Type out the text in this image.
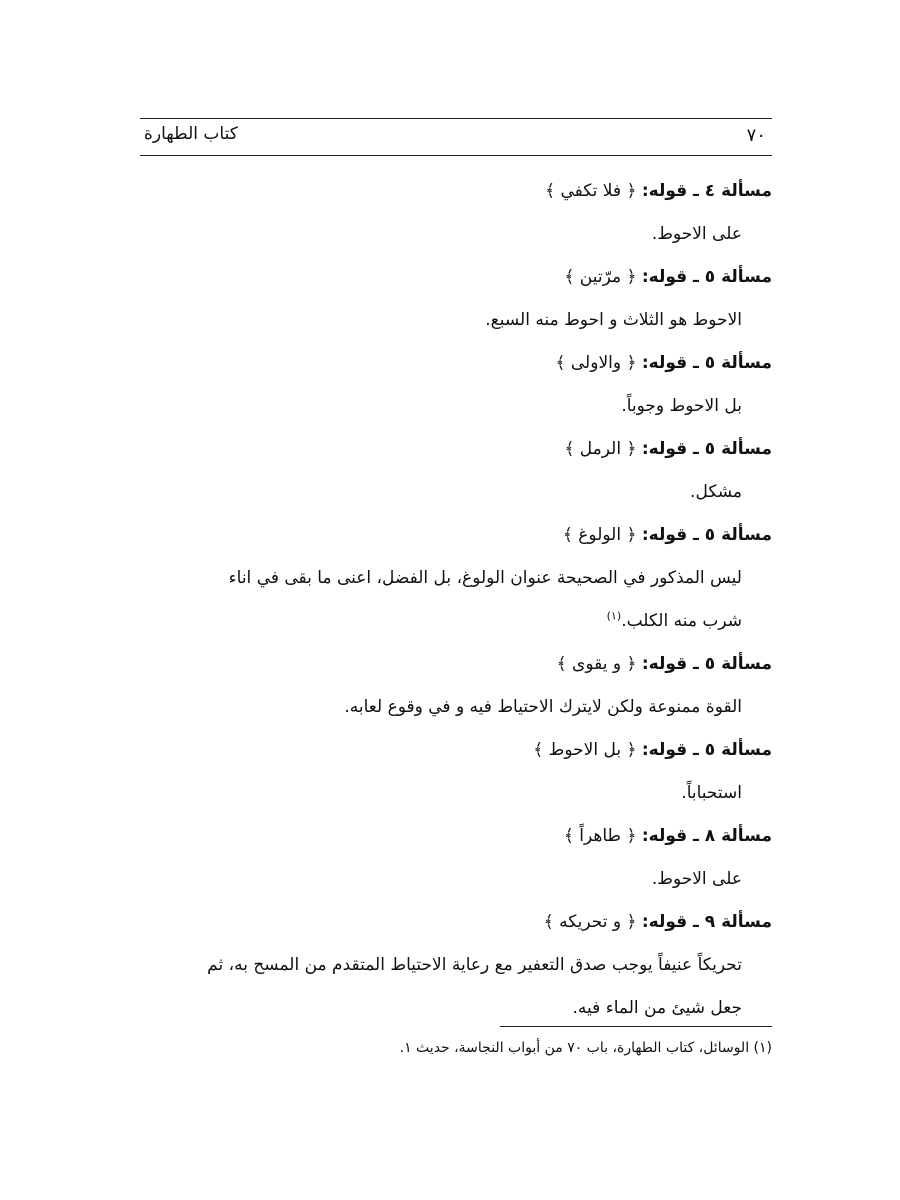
٧٠
كتاب الطهارة
مسألة ٤ ـ قوله: ﴿ فلا تكفي ﴾
على الاحوط.
مسألة ٥ ـ قوله: ﴿ مرّتين ﴾
الاحوط هو الثلاث و احوط منه السبع.
مسألة ٥ ـ قوله: ﴿ والاولى ﴾
بل الاحوط وجوباً.
مسألة ٥ ـ قوله: ﴿ الرمل ﴾
مشكل.
مسألة ٥ ـ قوله: ﴿ الولوغ ﴾
ليس المذكور في الصحيحة عنوان الولوغ، بل الفضل، اعنى ما بقى في اناء
شرب منه الكلب.$^{(١)}$
مسألة ٥ ـ قوله: ﴿ و يقوى ﴾
القوة ممنوعة ولكن لايترك الاحتياط فيه و في وقوع لعابه.
مسألة ٥ ـ قوله: ﴿ بل الاحوط ﴾
استحباباً.
مسألة ٨ ـ قوله: ﴿ طاهراً ﴾
على الاحوط.
مسألة ٩ ـ قوله: ﴿ و تحريكه ﴾
تحريكاً عنيفاً يوجب صدق التعفير مع رعاية الاحتياط المتقدم من المسح به، ثم
جعل شيئ من الماء فيه.
(١) الوسائل، كتاب الطهارة، باب ٧٠ من أبواب النجاسة، حديث ١.
